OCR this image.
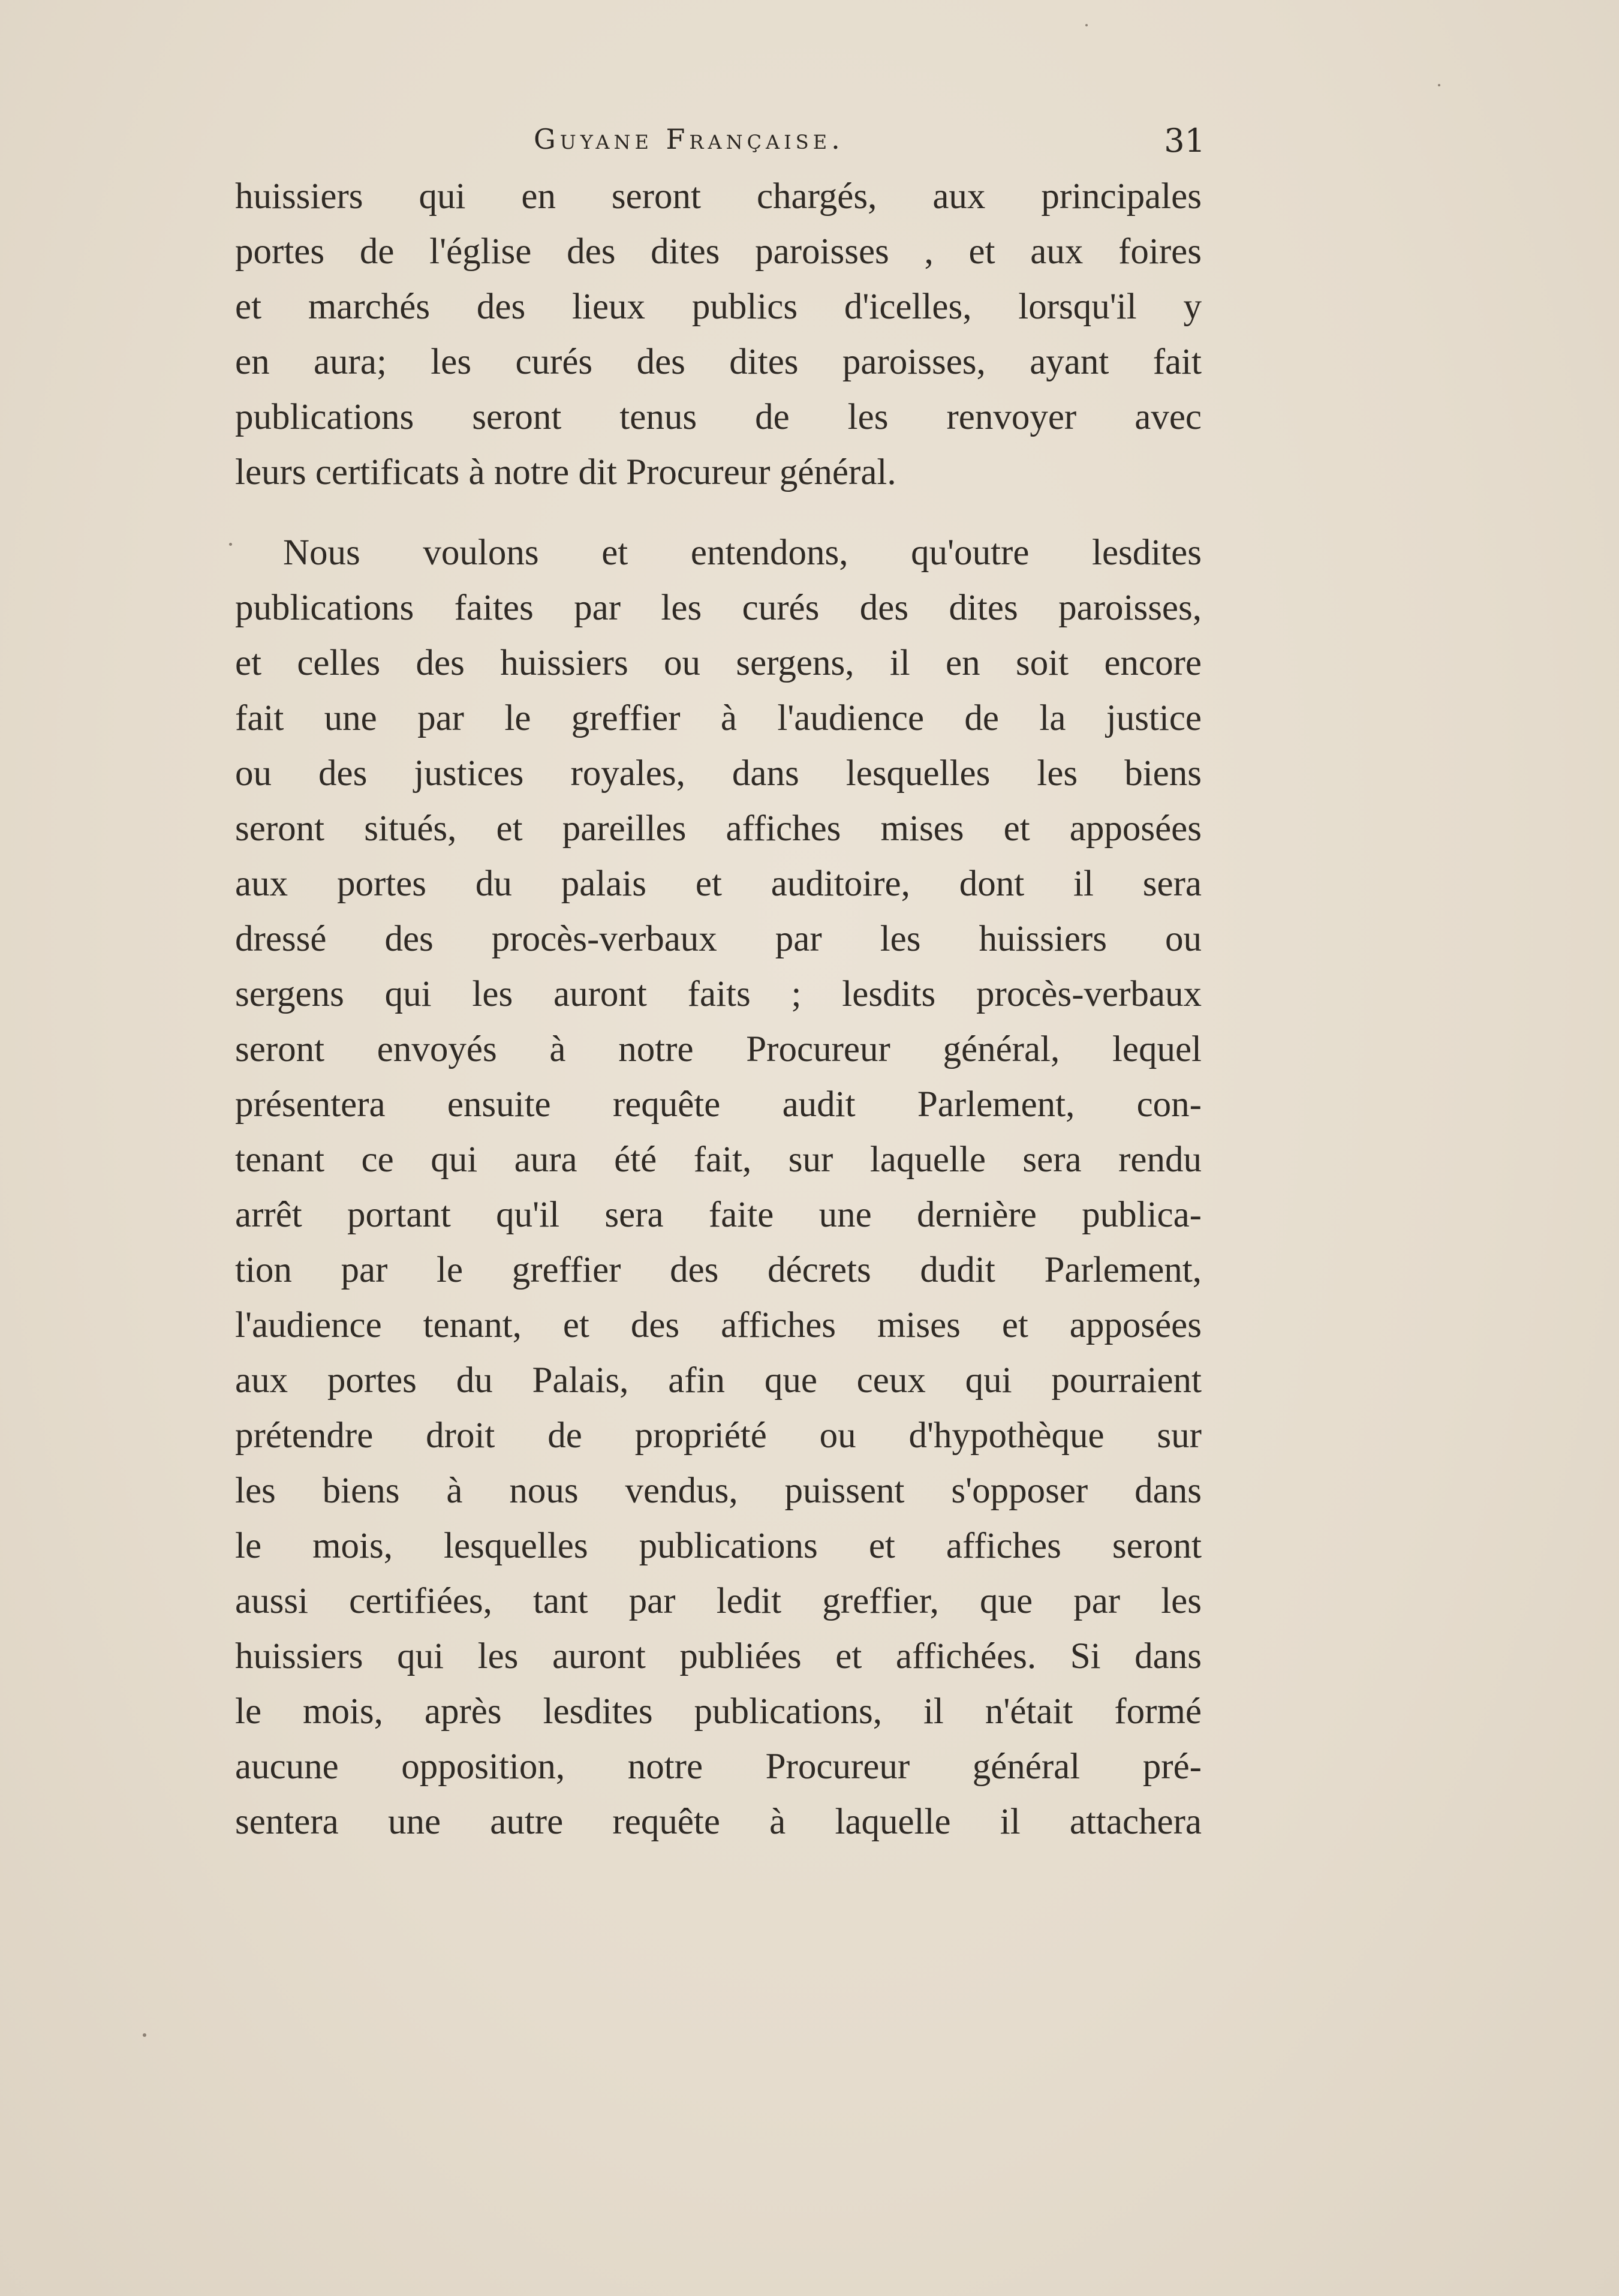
Guyane Française.	31
huissiers qui en seront chargés, aux principales
portes de l'église des dites paroisses , et aux foires
et marchés des lieux publics d'icelles, lorsqu'il y
en aura; les curés des dites paroisses, ayant fait
publications seront tenus de les renvoyer avec
leurs certificats à notre dit Procureur général.
Nous voulons et entendons, qu'outre lesdites
publications faites par les curés des dites paroisses,
et celles des huissiers ou sergens, il en soit encore
fait une par le greffier à l'audience de la justice
ou des justices royales, dans lesquelles les biens
seront situés, et pareilles affiches mises et apposées
aux portes du palais et auditoire, dont il sera
dressé des procès-verbaux par les huissiers ou
sergens qui les auront faits ; lesdits procès-verbaux
seront envoyés à notre Procureur général, lequel
présentera ensuite requête audit Parlement, con-
tenant ce qui aura été fait, sur laquelle sera rendu
arrêt portant qu'il sera faite une dernière publica-
tion par le greffier des décrets dudit Parlement,
l'audience tenant, et des affiches mises et apposées
aux portes du Palais, afin que ceux qui pourraient
prétendre droit de propriété ou d'hypothèque sur
les biens à nous vendus, puissent s'opposer dans
le mois, lesquelles publications et affiches seront
aussi certifiées, tant par ledit greffier, que par les
huissiers qui les auront publiées et affichées. Si dans
le mois, après lesdites publications, il n'était formé
aucune opposition, notre Procureur général pré-
sentera une autre requête à laquelle il attachera
